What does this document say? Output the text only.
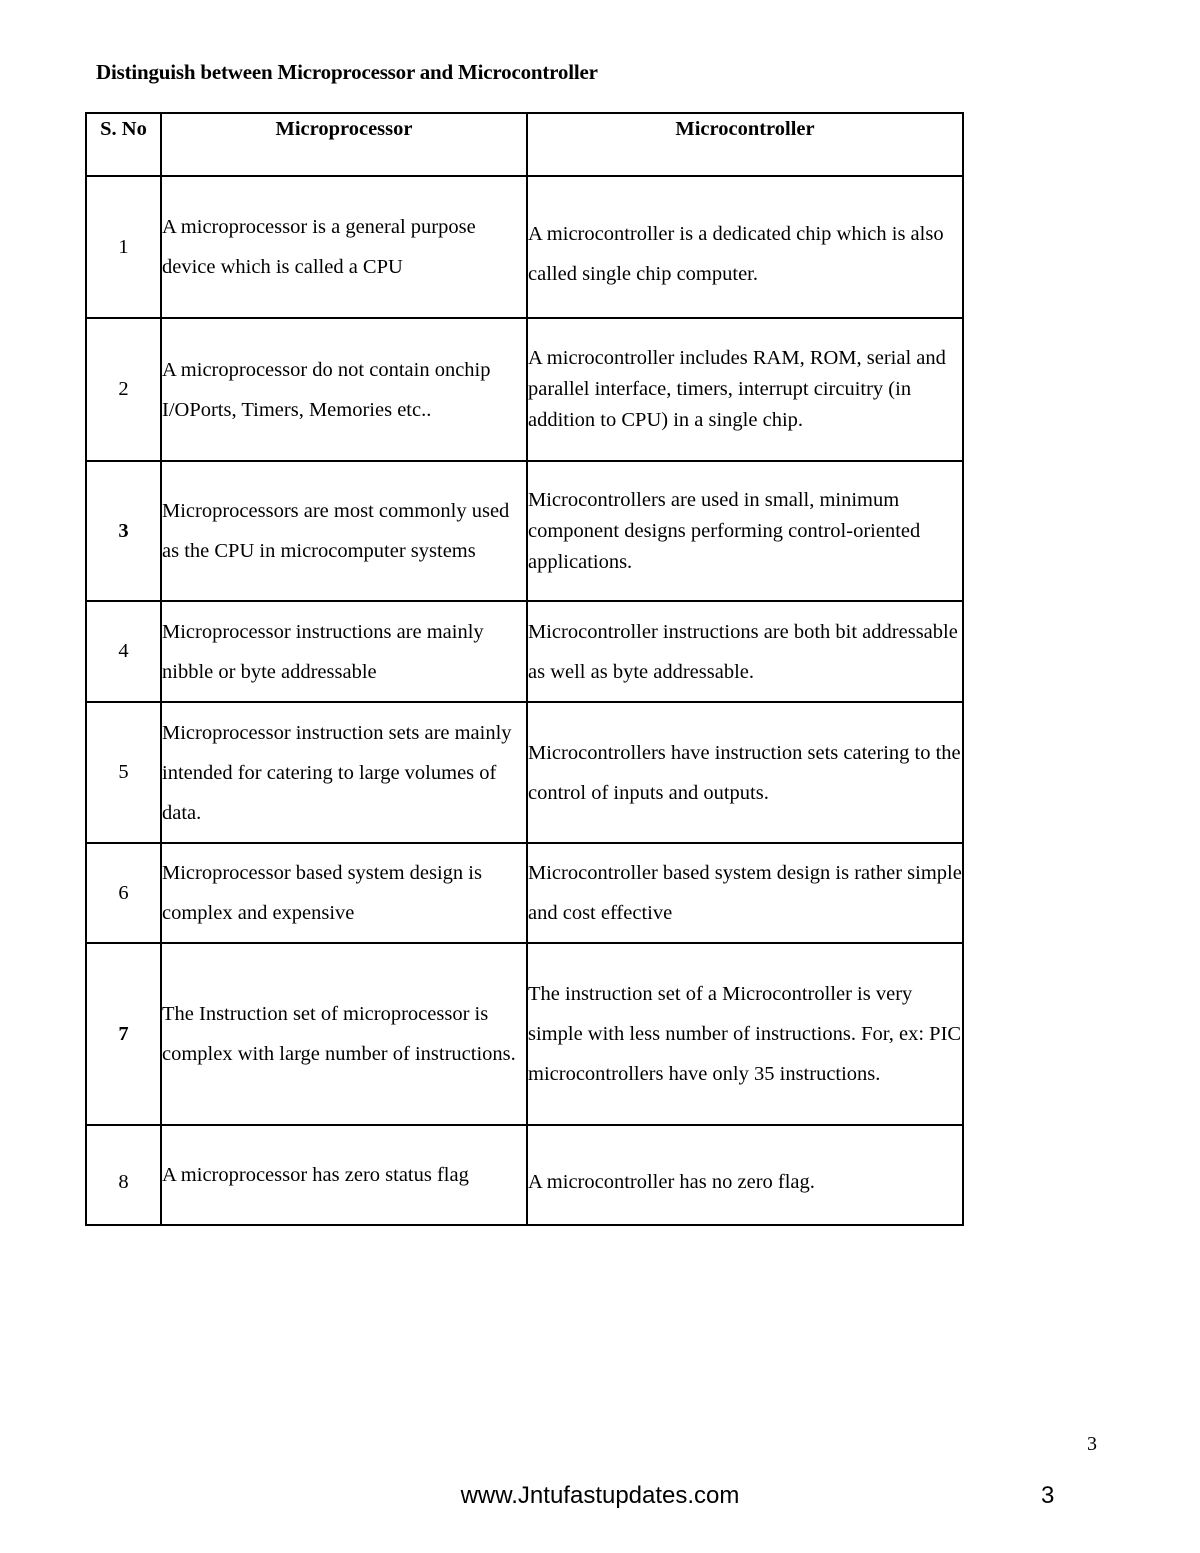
Distinguish between Microprocessor and Microcontroller
S. No	Microprocessor	Microcontroller
1	A microprocessor is a general purpose device which is called a CPU	A microcontroller is a dedicated chip which is also called single chip computer.
2	A microprocessor do not contain onchip I/OPorts, Timers, Memories etc..	A microcontroller includes RAM, ROM, serial and parallel interface, timers, interrupt circuitry (in addition to CPU) in a single chip.
3	Microprocessors are most commonly used as the CPU in microcomputer systems	Microcontrollers are used in small, minimum component designs performing control-oriented applications.
4	Microprocessor instructions are mainly nibble or byte addressable	Microcontroller instructions are both bit addressable as well as byte addressable.
5	Microprocessor instruction sets are mainly intended for catering to large volumes of data.	Microcontrollers have instruction sets catering to the control of inputs and outputs.
6	Microprocessor based system design is complex and expensive	Microcontroller based system design is rather simple and cost effective
7	The Instruction set of microprocessor is complex with large number of instructions.	The instruction set of a Microcontroller is very simple with less number of instructions. For, ex: PIC microcontrollers have only 35 instructions.
8	A microprocessor has zero status flag	A microcontroller has no zero flag.
3
www.Jntufastupdates.com	3
